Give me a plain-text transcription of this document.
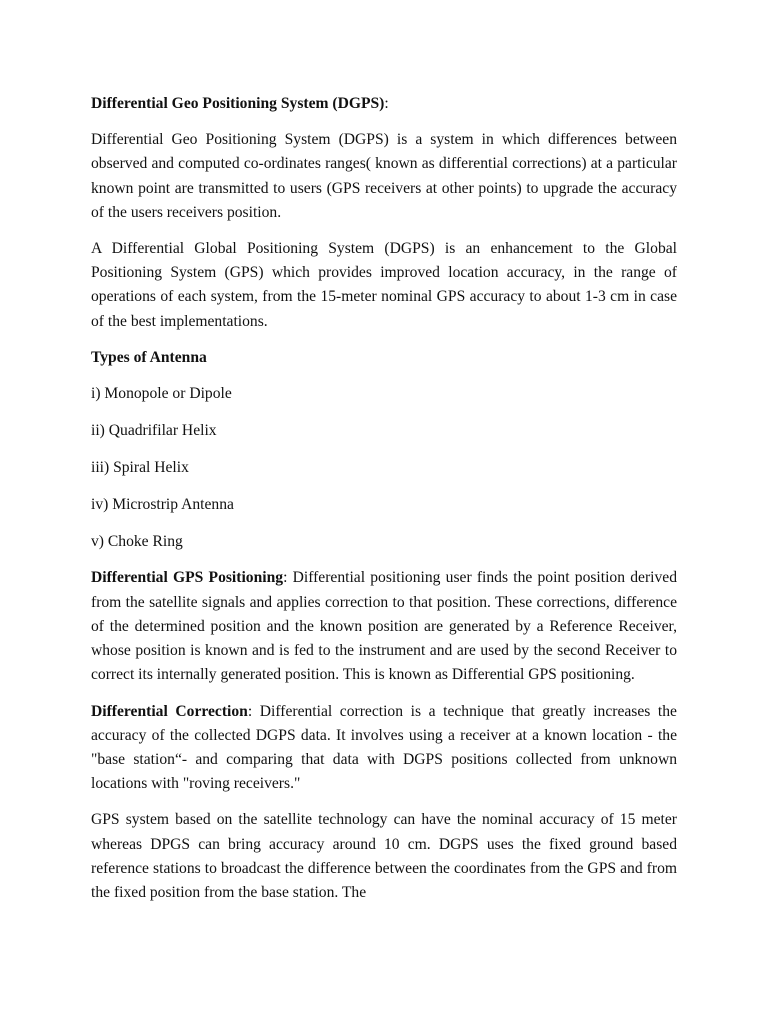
Differential Geo Positioning System (DGPS):

Differential Geo Positioning System (DGPS) is a system in which differences between observed and computed co-ordinates ranges( known as differential corrections) at a particular known point are transmitted to users (GPS receivers at other points) to upgrade the accuracy of the users receivers position.

A Differential Global Positioning System (DGPS) is an enhancement to the Global Positioning System (GPS) which provides improved location accuracy, in the range of operations of each system, from the 15-meter nominal GPS accuracy to about 1-3 cm in case of the best implementations.

Types of Antenna

i) Monopole or Dipole

ii) Quadrifilar Helix

iii) Spiral Helix

iv) Microstrip Antenna

v) Choke Ring

Differential GPS Positioning: Differential positioning user finds the point position derived from the satellite signals and applies correction to that position. These corrections, difference of the determined position and the known position are generated by a Reference Receiver, whose position is known and is fed to the instrument and are used by the second Receiver to correct its internally generated position. This is known as Differential GPS positioning.

Differential Correction: Differential correction is a technique that greatly increases the accuracy of the collected DGPS data. It involves using a receiver at a known location - the "base station“- and comparing that data with DGPS positions collected from unknown locations with "roving receivers."

GPS system based on the satellite technology can have the nominal accuracy of 15 meter whereas DPGS can bring accuracy around 10 cm. DGPS uses the fixed ground based reference stations to broadcast the difference between the coordinates from the GPS and from the fixed position from the base station. The
